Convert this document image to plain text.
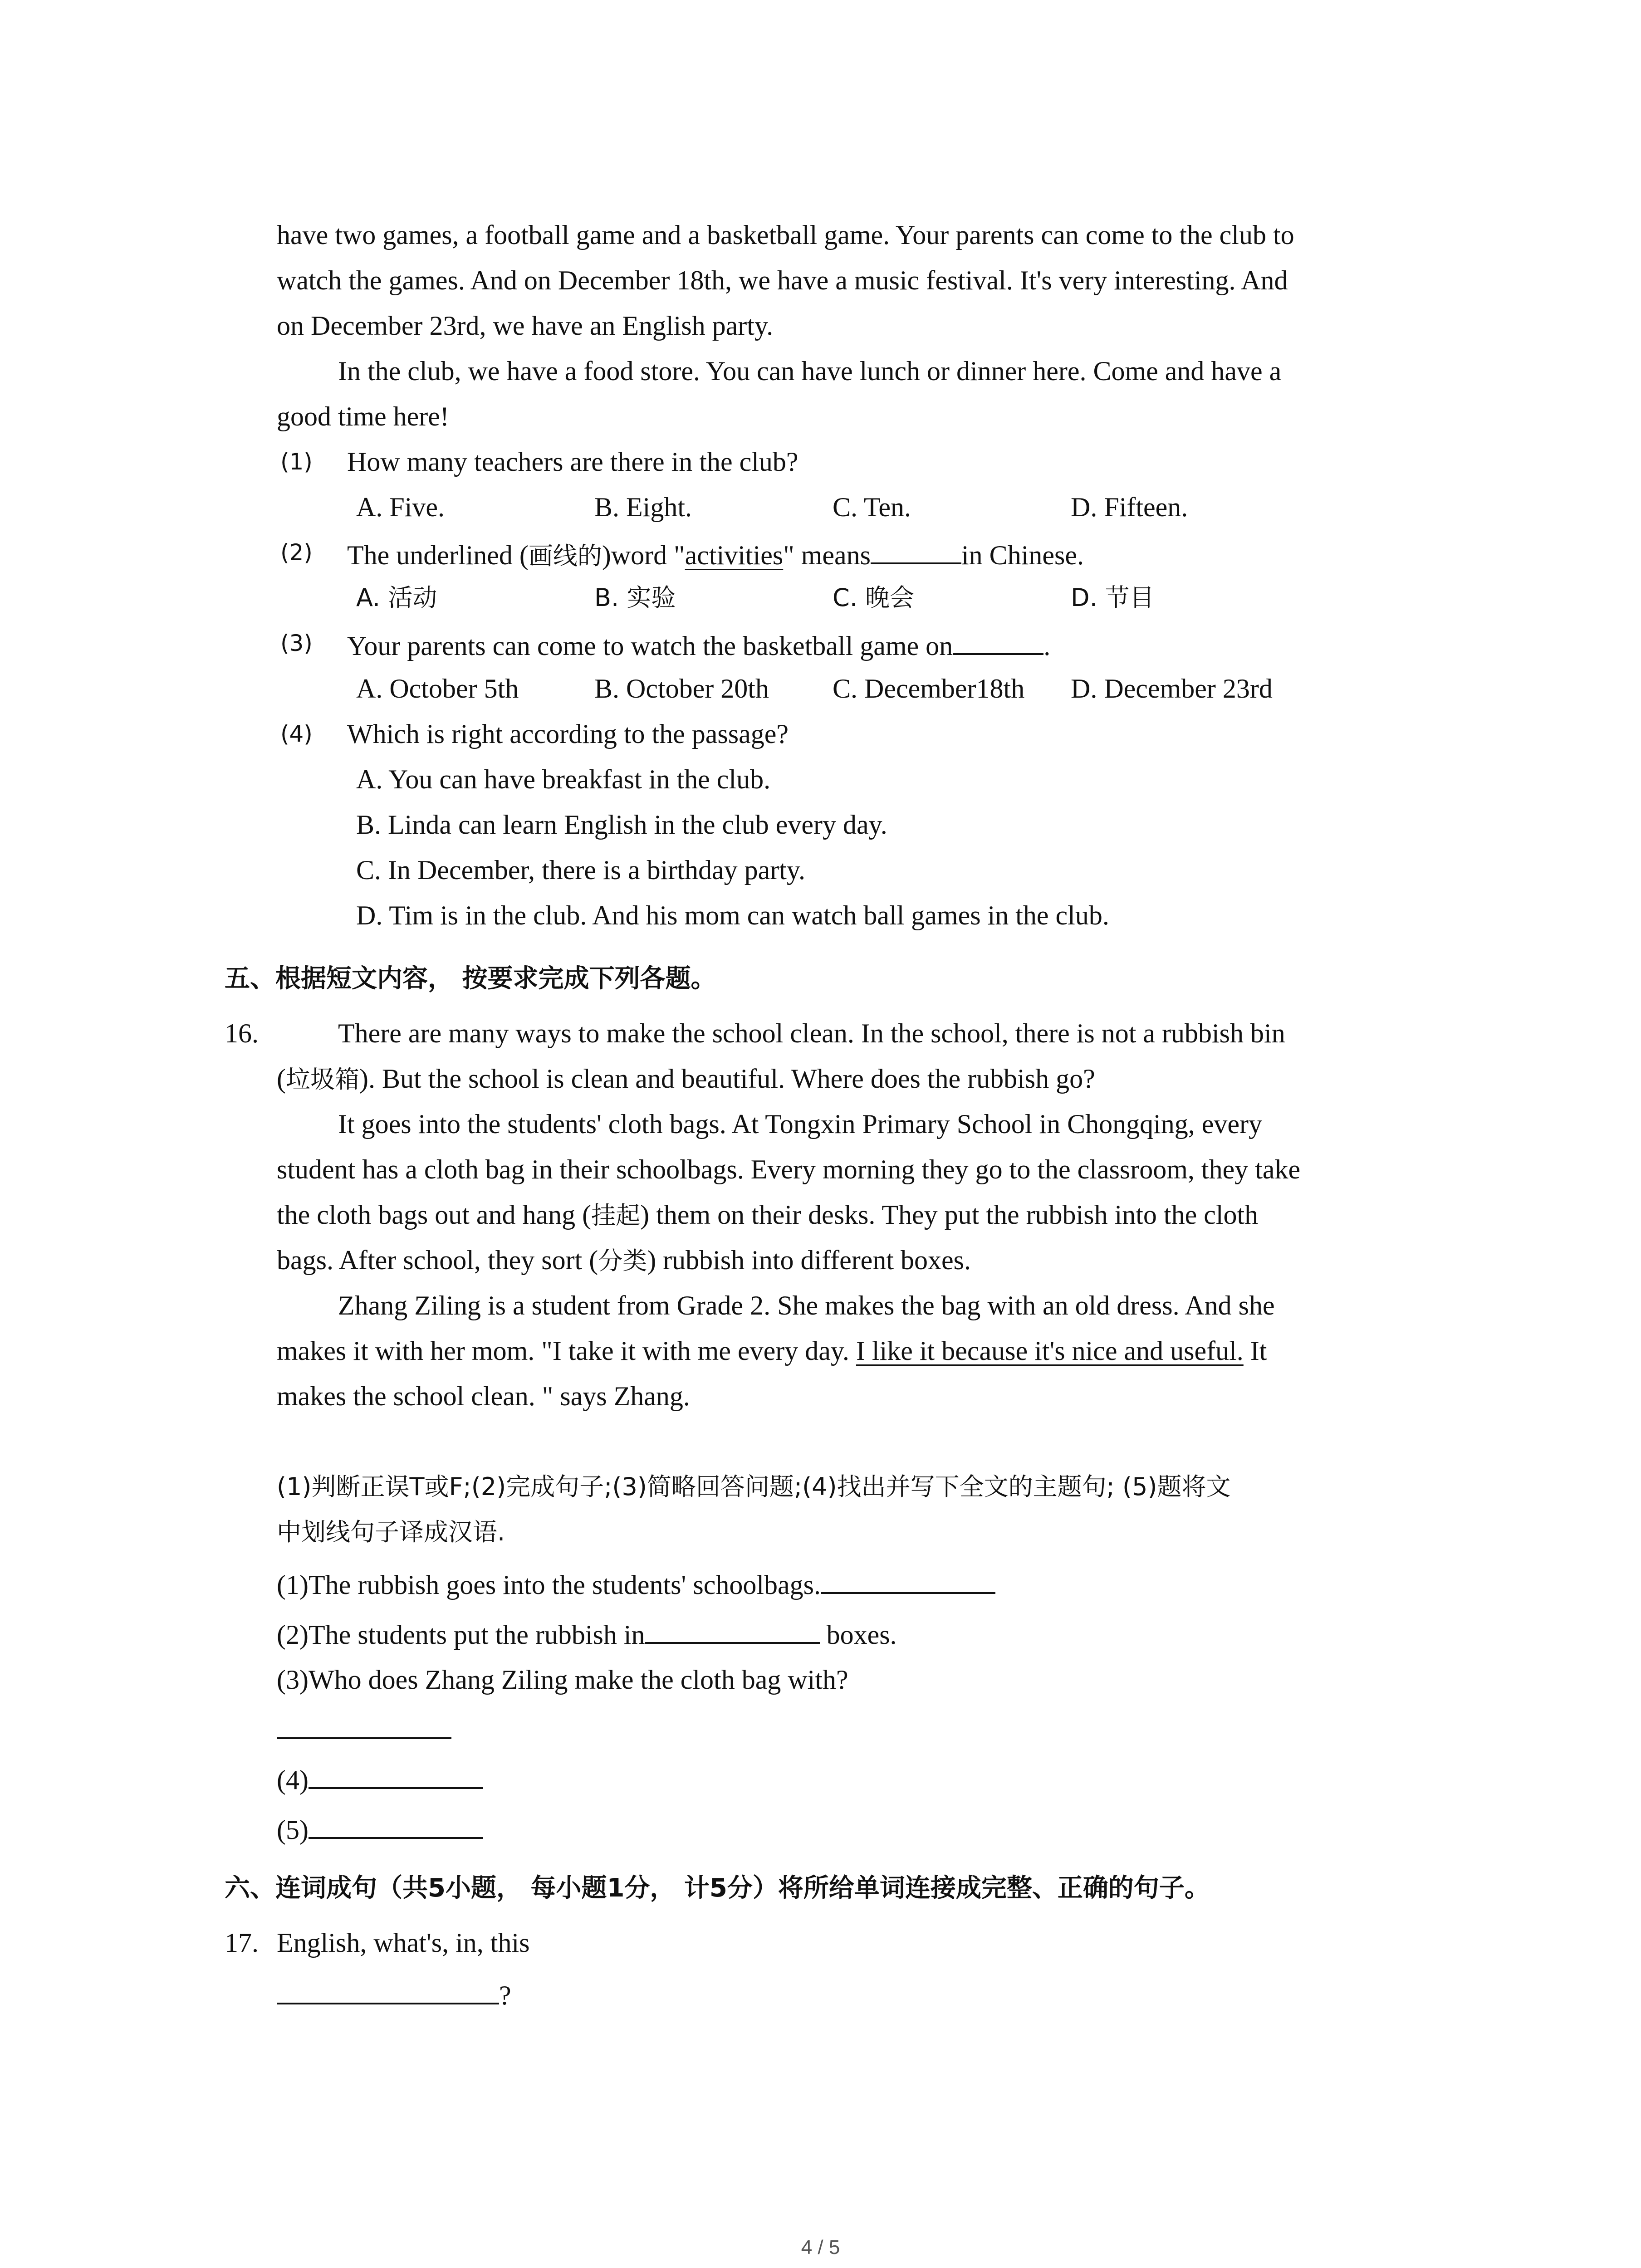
have two games, a football game and a basketball game. Your parents can come to the club to
watch the games. And on December 18th, we have a music festival. It's very interesting. And
on December 23rd, we have an English party.
In the club, we have a food store. You can have lunch or dinner here. Come and have a
good time here!
(1) How many teachers are there in the club?
A. Five.	B. Eight.	C. Ten.	D. Fifteen.
(2) The underlined (画线的)word "activities" means	in Chinese.
A. 活动	B. 实验	C. 晚会	D. 节目
(3) Your parents can come to watch the basketball game on	.
A. October 5th	B. October 20th C. December18th D. December 23rd
(4) Which is right according to the passage?
A. You can have breakfast in the club.
B. Linda can learn English in the club every day.
C. In December, there is a birthday party.
D. Tim is in the club. And his mom can watch ball games in the club.
五、根据短文内容， 按要求完成下列各题。
16.	There are many ways to make the school clean. In the school, there is not a rubbish bin
(垃圾箱). But the school is clean and beautiful. Where does the rubbish go?
It goes into the students' cloth bags. At Tongxin Primary School in Chongqing, every
student has a cloth bag in their schoolbags. Every morning they go to the classroom, they take
the cloth bags out and hang (挂起) them on their desks. They put the rubbish into the cloth
bags. After school, they sort (分类) rubbish into different boxes.
Zhang Ziling is a student from Grade 2. She makes the bag with an old dress. And she
makes it with her mom. "I take it with me every day. I like it because it's nice and useful. It
makes the school clean. " says Zhang.
(1)判断正误T或F;(2)完成句子;(3)简略回答问题;(4)找出并写下全文的主题句; (5)题将文
中划线句子译成汉语.
(1)The rubbish goes into the students' schoolbags.
(2)The students put the rubbish in	boxes.
(3)Who does Zhang Ziling make the cloth bag with?
(4)
(5)
六、连词成句（共5小题， 每小题1分， 计5分）将所给单词连接成完整、正确的句子。
17. English, what's, in, this
?
4 / 5
